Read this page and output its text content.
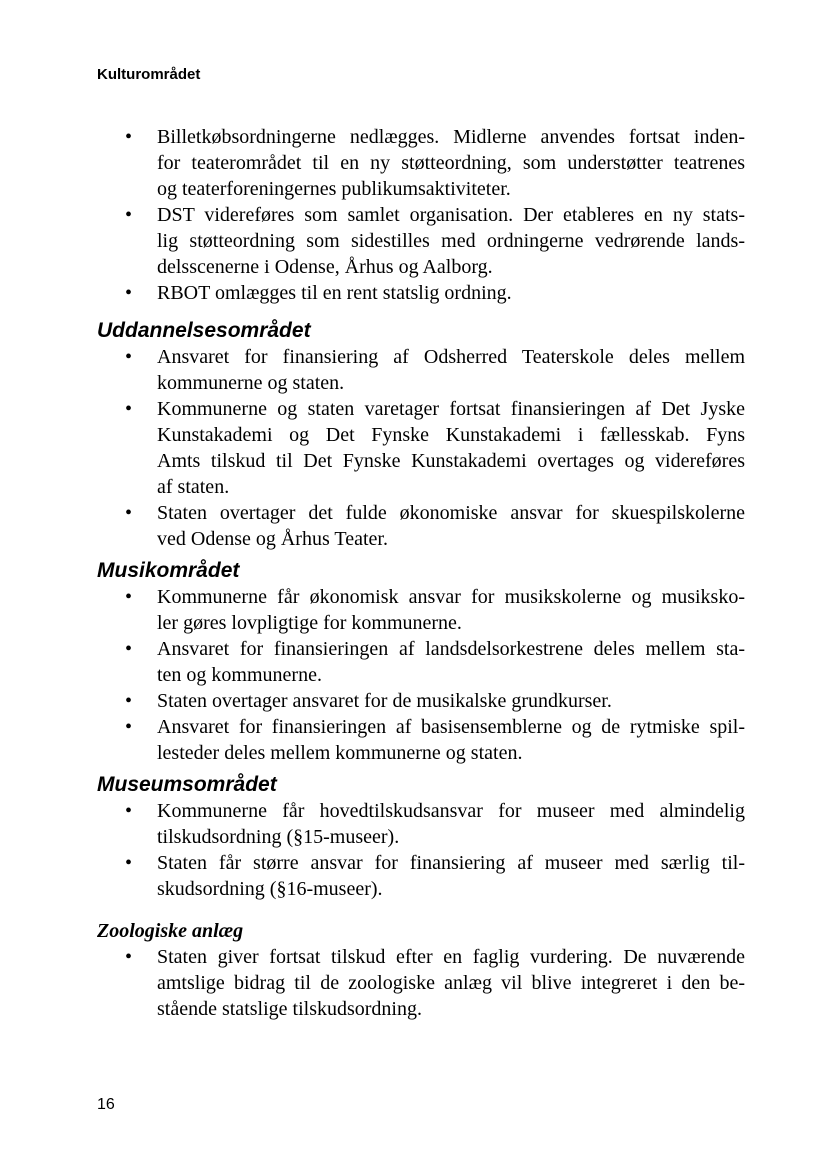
Kulturområdet
• Billetkøbsordningerne nedlægges. Midlerne anvendes fortsat inden-
for teaterområdet til en ny støtteordning, som understøtter teatrenes
og teaterforeningernes publikumsaktiviteter.
• DST videreføres som samlet organisation. Der etableres en ny stats-
lig støtteordning som sidestilles med ordningerne vedrørende lands-
delsscenerne i Odense, Århus og Aalborg.
• RBOT omlægges til en rent statslig ordning.
Uddannelsesområdet
• Ansvaret for finansiering af Odsherred Teaterskole deles mellem
kommunerne og staten.
• Kommunerne og staten varetager fortsat finansieringen af Det Jyske
Kunstakademi og Det Fynske Kunstakademi i fællesskab. Fyns
Amts tilskud til Det Fynske Kunstakademi overtages og videreføres
af staten.
• Staten overtager det fulde økonomiske ansvar for skuespilskolerne
ved Odense og Århus Teater.
Musikområdet
• Kommunerne får økonomisk ansvar for musikskolerne og musiksko-
ler gøres lovpligtige for kommunerne.
• Ansvaret for finansieringen af landsdelsorkestrene deles mellem sta-
ten og kommunerne.
• Staten overtager ansvaret for de musikalske grundkurser.
• Ansvaret for finansieringen af basisensemblerne og de rytmiske spil-
lesteder deles mellem kommunerne og staten.
Museumsområdet
• Kommunerne får hovedtilskudsansvar for museer med almindelig
tilskudsordning (§15-museer).
• Staten får større ansvar for finansiering af museer med særlig til-
skudsordning (§16-museer).
Zoologiske anlæg
• Staten giver fortsat tilskud efter en faglig vurdering. De nuværende
amtslige bidrag til de zoologiske anlæg vil blive integreret i den be-
stående statslige tilskudsordning.
16
